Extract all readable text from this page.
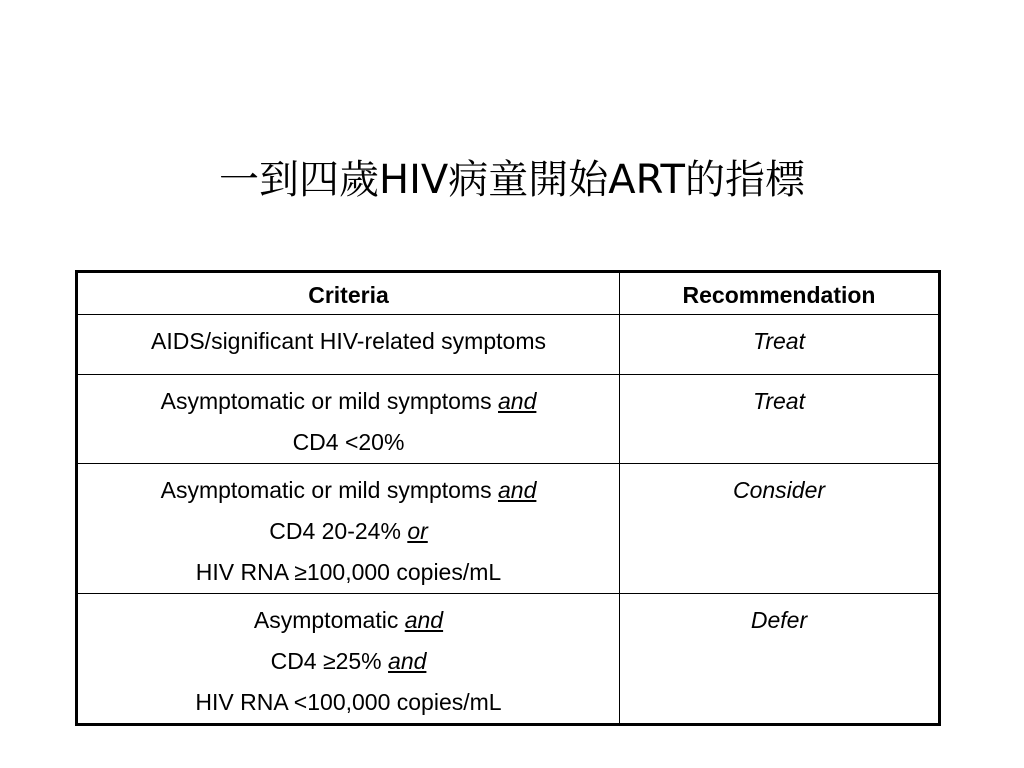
一到四歲HIV病童開始ART的指標
Criteria	Recommendation

AIDS/significant HIV-related symptoms	Treat

Asymptomatic or mild symptoms and
CD4 <20%	Treat

Asymptomatic or mild symptoms and
CD4 20-24% or
HIV RNA ≥100,000 copies/mL	Consider

Asymptomatic and
CD4 ≥25% and
HIV RNA <100,000 copies/mL	Defer
